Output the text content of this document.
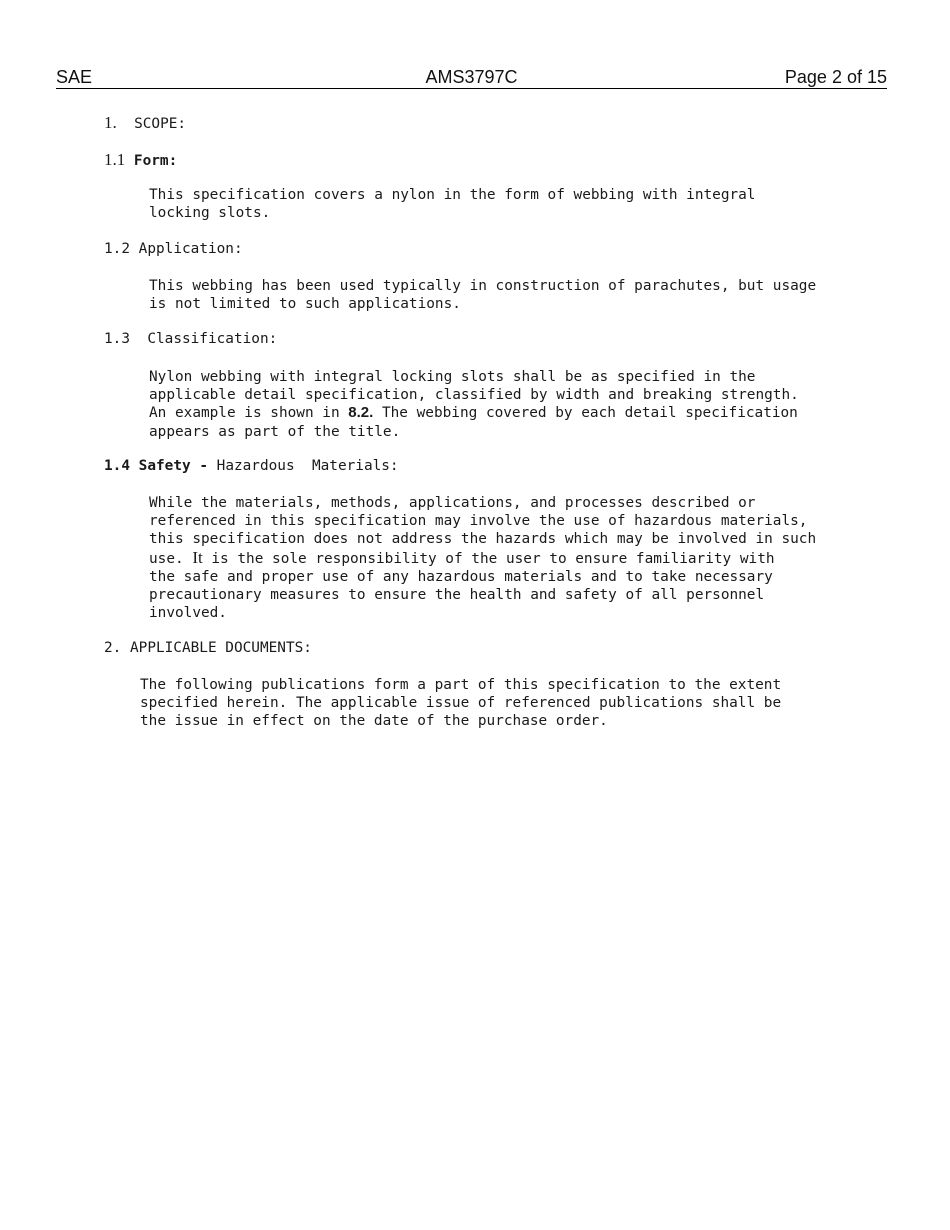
SAE	AMS3797C	Page 2 of 15
1. SCOPE:
1.1 Form:
This specification covers a nylon in the form of webbing with integral
locking slots.
1.2 Application:
This webbing has been used typically in construction of parachutes, but usage
is not limited to such applications.
1.3 Classification:
Nylon webbing with integral locking slots shall be as specified in the
applicable detail specification, classified by width and breaking strength.
An example is shown in 8.2. The webbing covered by each detail specification
appears as part of the title.
1.4 Safety - Hazardous  Materials:
While the materials, methods, applications, and processes described or
referenced in this specification may involve the use of hazardous materials,
this specification does not address the hazards which may be involved in such
use. It is the sole responsibility of the user to ensure familiarity with
the safe and proper use of any hazardous materials and to take necessary
precautionary measures to ensure the health and safety of all personnel
involved.
2. APPLICABLE DOCUMENTS:
The following publications form a part of this specification to the extent
specified herein. The applicable issue of referenced publications shall be
the issue in effect on the date of the purchase order.
